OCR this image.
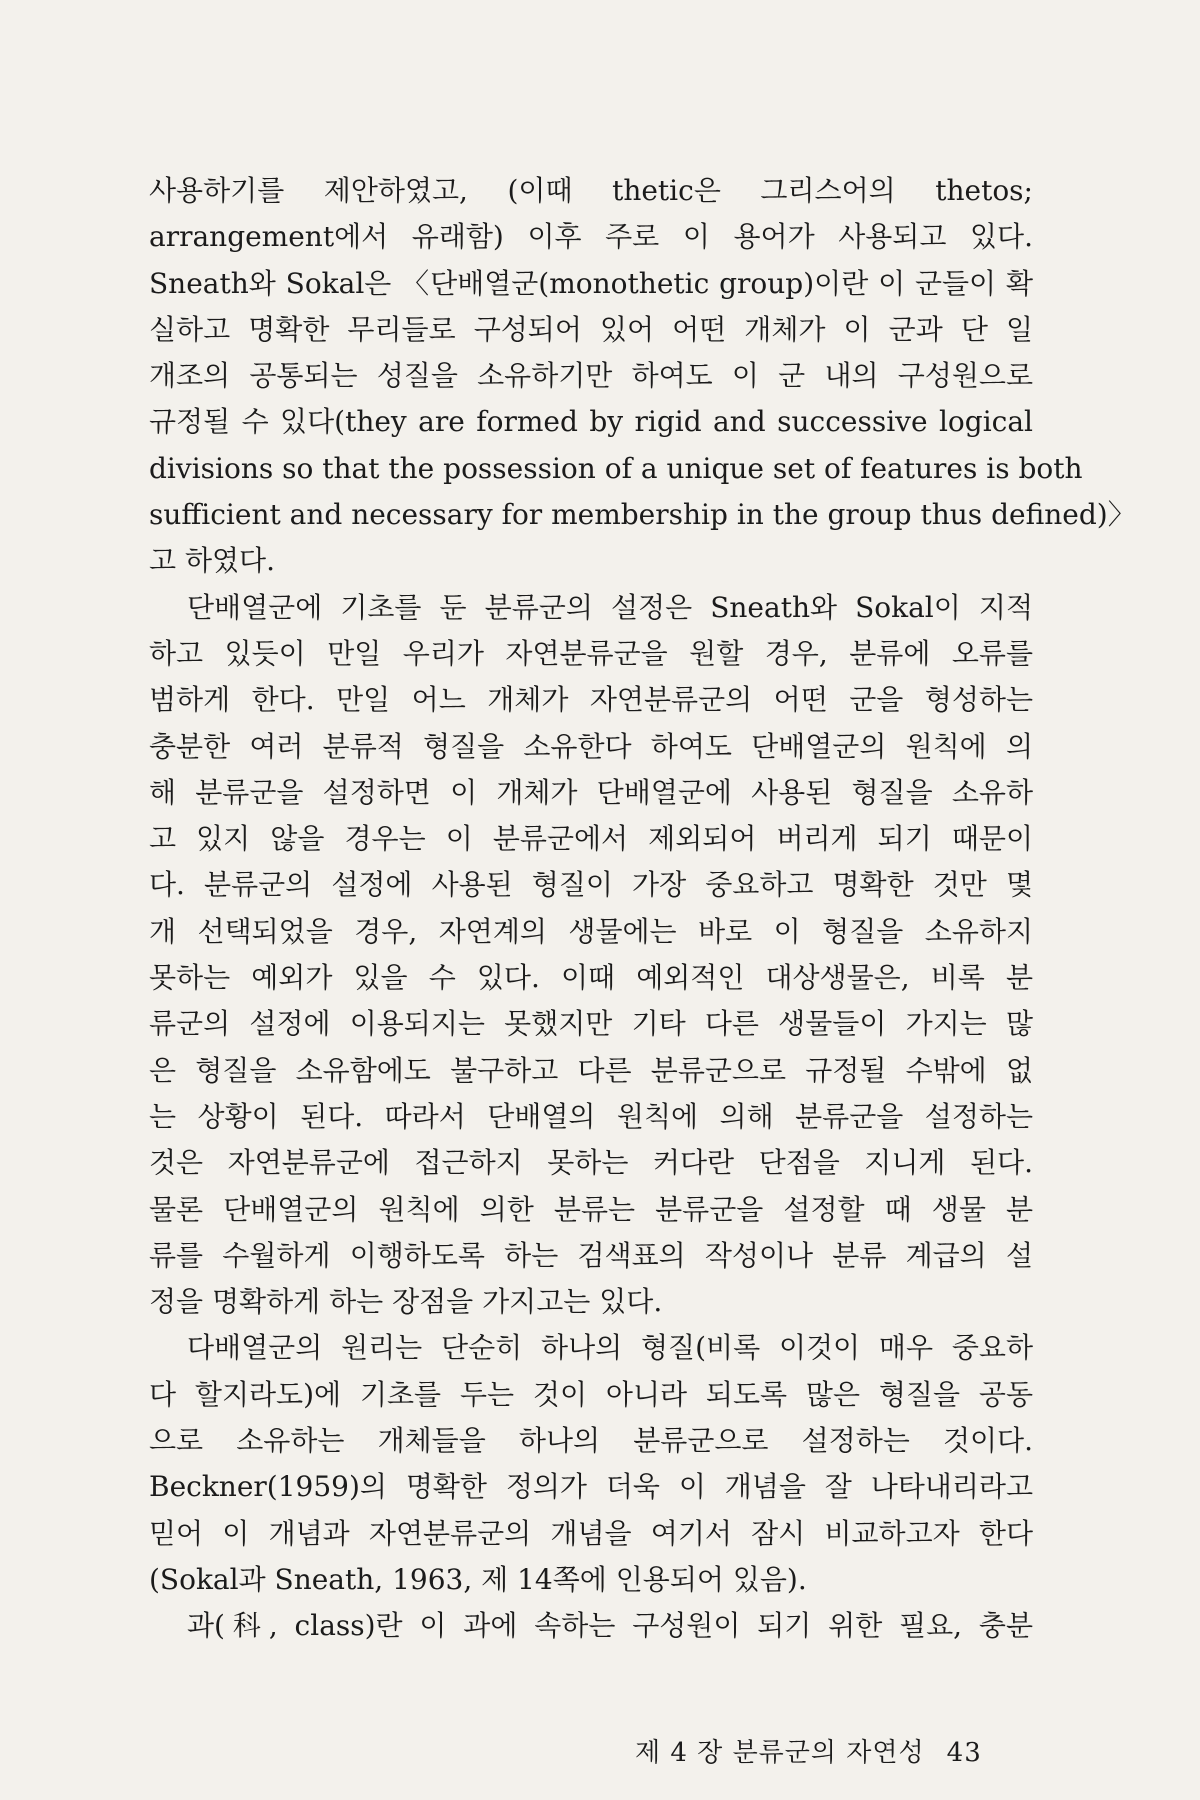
사용하기를 제안하였고, (이때 thetic은 그리스어의 thetos;
arrangement에서 유래함) 이후 주로 이 용어가 사용되고 있다.
Sneath와 Sokal은 〈단배열군(monothetic group)이란 이 군들이 확
실하고 명확한 무리들로 구성되어 있어 어떤 개체가 이 군과 단 일
개조의 공통되는 성질을 소유하기만 하여도 이 군 내의 구성원으로
규정될 수 있다(they are formed by rigid and successive logical
divisions so that the possession of a unique set of features is both
sufficient and necessary for membership in the group thus defined)〉
고 하였다.
단배열군에 기초를 둔 분류군의 설정은 Sneath와 Sokal이 지적
하고 있듯이 만일 우리가 자연분류군을 원할 경우, 분류에 오류를
범하게 한다. 만일 어느 개체가 자연분류군의 어떤 군을 형성하는
충분한 여러 분류적 형질을 소유한다 하여도 단배열군의 원칙에 의
해 분류군을 설정하면 이 개체가 단배열군에 사용된 형질을 소유하
고 있지 않을 경우는 이 분류군에서 제외되어 버리게 되기 때문이
다. 분류군의 설정에 사용된 형질이 가장 중요하고 명확한 것만 몇
개 선택되었을 경우, 자연계의 생물에는 바로 이 형질을 소유하지
못하는 예외가 있을 수 있다. 이때 예외적인 대상생물은, 비록 분
류군의 설정에 이용되지는 못했지만 기타 다른 생물들이 가지는 많
은 형질을 소유함에도 불구하고 다른 분류군으로 규정될 수밖에 없
는 상황이 된다. 따라서 단배열의 원칙에 의해 분류군을 설정하는
것은 자연분류군에 접근하지 못하는 커다란 단점을 지니게 된다.
물론 단배열군의 원칙에 의한 분류는 분류군을 설정할 때 생물 분
류를 수월하게 이행하도록 하는 검색표의 작성이나 분류 계급의 설
정을 명확하게 하는 장점을 가지고는 있다.
다배열군의 원리는 단순히 하나의 형질(비록 이것이 매우 중요하
다 할지라도)에 기초를 두는 것이 아니라 되도록 많은 형질을 공동
으로 소유하는 개체들을 하나의 분류군으로 설정하는 것이다.
Beckner(1959)의 명확한 정의가 더욱 이 개념을 잘 나타내리라고
믿어 이 개념과 자연분류군의 개념을 여기서 잠시 비교하고자 한다
(Sokal과 Sneath, 1963, 제 14쪽에 인용되어 있음).
과(科, class)란 이 과에 속하는 구성원이 되기 위한 필요, 충분
제 4 장 분류군의 자연성 43
